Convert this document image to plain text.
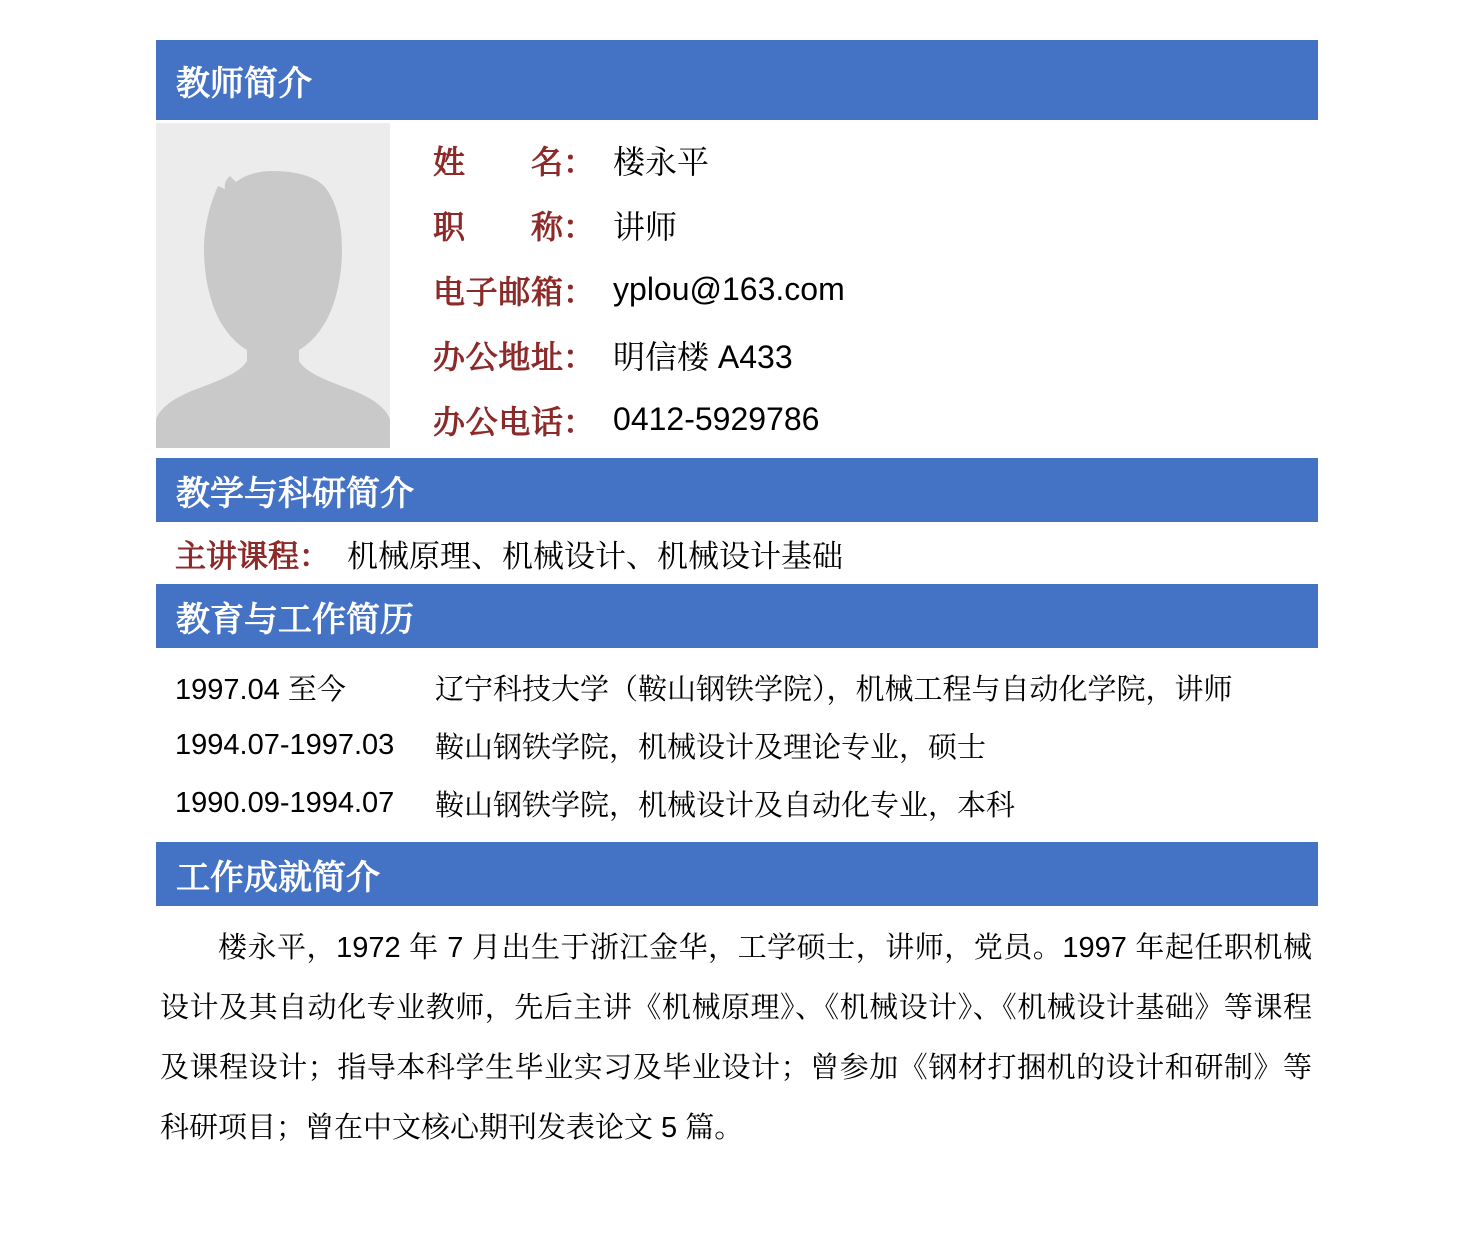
教师简介
姓名 ： 楼永平
职称 ： 讲师
电子邮箱 ： yplou@163.com
办公地址 ： 明信楼 A433
办公电话 ： 0412-5929786
教学与科研简介
主讲课程： 机械原理、机械设计、机械设计基础
教育与工作简历
1997.04 至今	辽宁科技大学（鞍山钢铁学院），机械工程与自动化学院，讲师
1994.07-1997.03	鞍山钢铁学院，机械设计及理论专业，硕士
1990.09-1994.07	鞍山钢铁学院，机械设计及自动化专业，本科
工作成就简介

楼永平，1972 年 7 月出生于浙江金华，工学硕士，讲师，党员。1997 年起任职机械设计及其自动化专业教师，先后主讲《机械原理》、《机械设计》、《机械设计基础》等课程及课程设计；指导本科学生毕业实习及毕业设计；曾参加《钢材打捆机的设计和研制》等科研项目；曾在中文核心期刊发表论文 5 篇。
